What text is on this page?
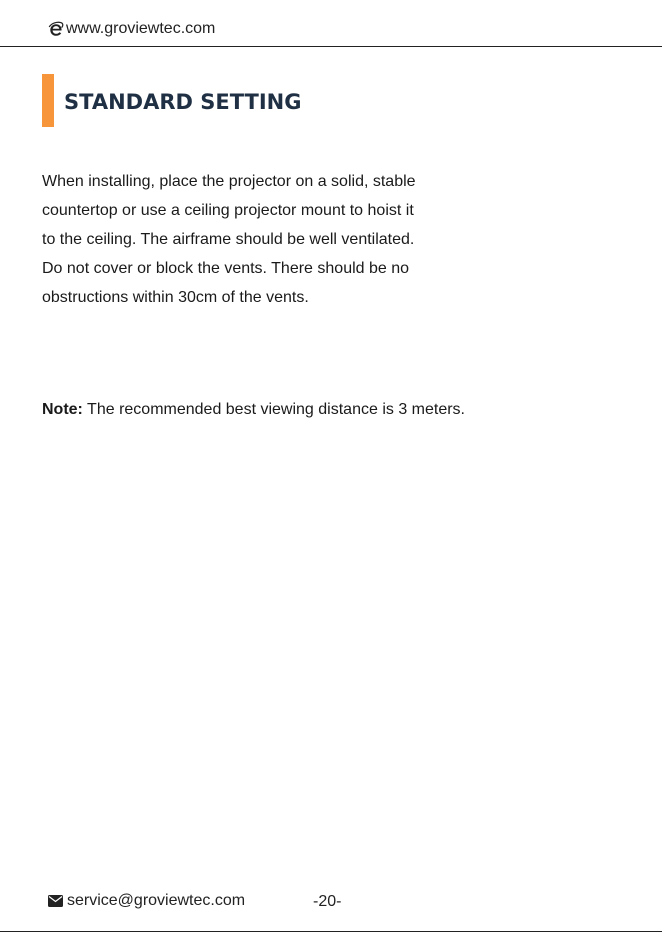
www.groviewtec.com
STANDARD SETTING
When installing, place the projector on a solid, stable
countertop or use a ceiling projector mount to hoist it
to the ceiling. The airframe should be well ventilated.
Do not cover or block the vents. There should be no
obstructions within 30cm of the vents.
Note: The recommended best viewing distance is 3 meters.
service@groviewtec.com	-20-
